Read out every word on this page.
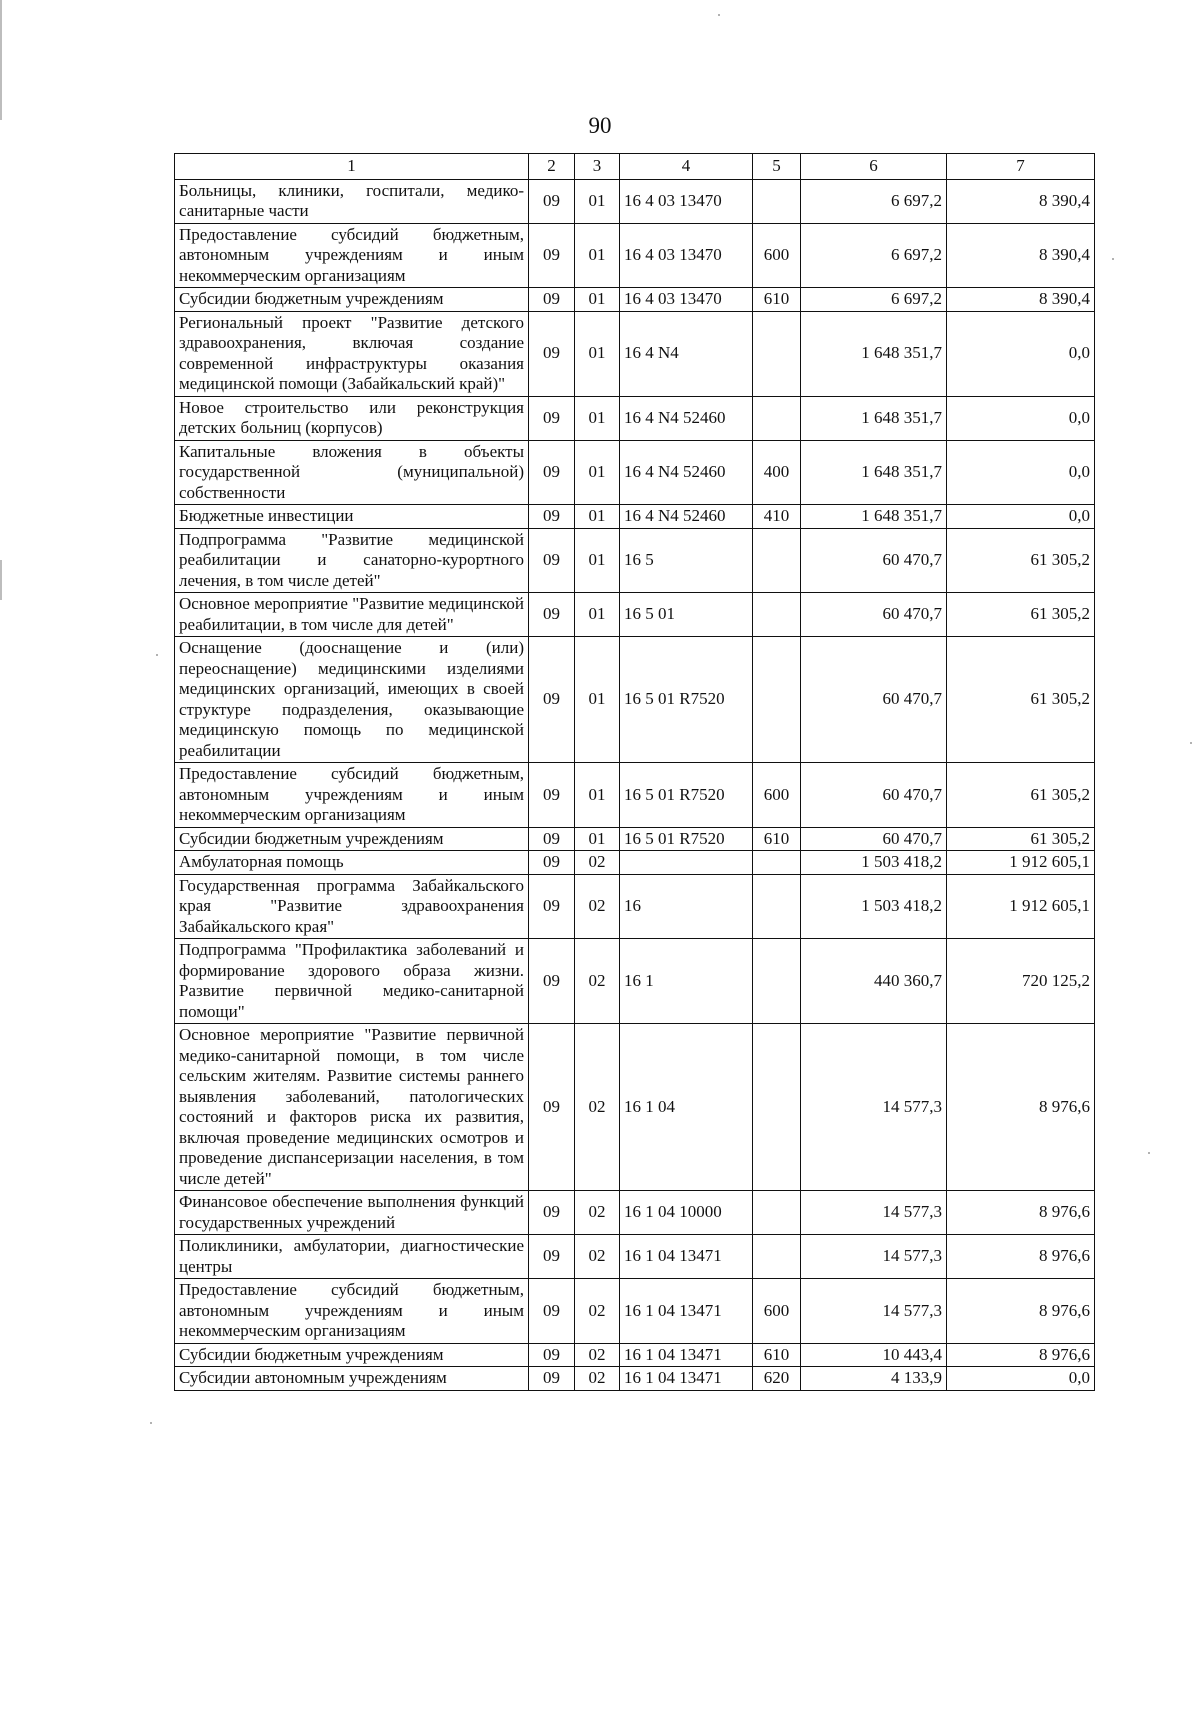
90
1	2	3	4	5	6	7
Больницы, клиники, госпитали, медико-санитарные части	09	01	16 4 03 13470		6 697,2	8 390,4
Предоставление субсидий бюджетным, автономным учреждениям и иным некоммерческим организациям	09	01	16 4 03 13470	600	6 697,2	8 390,4
Субсидии бюджетным учреждениям	09	01	16 4 03 13470	610	6 697,2	8 390,4
Региональный проект "Развитие детского здравоохранения, включая создание современной инфраструктуры оказания медицинской помощи (Забайкальский край)"	09	01	16 4 N4		1 648 351,7	0,0
Новое строительство или реконструкция детских больниц (корпусов)	09	01	16 4 N4 52460		1 648 351,7	0,0
Капитальные вложения в объекты государственной (муниципальной) собственности	09	01	16 4 N4 52460	400	1 648 351,7	0,0
Бюджетные инвестиции	09	01	16 4 N4 52460	410	1 648 351,7	0,0
Подпрограмма "Развитие медицинской реабилитации и санаторно-курортного лечения, в том числе детей"	09	01	16 5		60 470,7	61 305,2
Основное мероприятие "Развитие медицинской реабилитации, в том числе для детей"	09	01	16 5 01		60 470,7	61 305,2
Оснащение (дооснащение и (или) переоснащение) медицинскими изделиями медицинских организаций, имеющих в своей структуре подразделения, оказывающие медицинскую помощь по медицинской реабилитации	09	01	16 5 01 R7520		60 470,7	61 305,2
Предоставление субсидий бюджетным, автономным учреждениям и иным некоммерческим организациям	09	01	16 5 01 R7520	600	60 470,7	61 305,2
Субсидии бюджетным учреждениям	09	01	16 5 01 R7520	610	60 470,7	61 305,2
Амбулаторная помощь	09	02			1 503 418,2	1 912 605,1
Государственная программа Забайкальского края "Развитие здравоохранения Забайкальского края"	09	02	16		1 503 418,2	1 912 605,1
Подпрограмма "Профилактика заболеваний и формирование здорового образа жизни. Развитие первичной медико-санитарной помощи"	09	02	16 1		440 360,7	720 125,2
Основное мероприятие "Развитие первичной медико-санитарной помощи, в том числе сельским жителям. Развитие системы раннего выявления заболеваний, патологических состояний и факторов риска их развития, включая проведение медицинских осмотров и проведение диспансеризации населения, в том числе детей"	09	02	16 1 04		14 577,3	8 976,6
Финансовое обеспечение выполнения функций государственных учреждений	09	02	16 1 04 10000		14 577,3	8 976,6
Поликлиники, амбулатории, диагностические центры	09	02	16 1 04 13471		14 577,3	8 976,6
Предоставление субсидий бюджетным, автономным учреждениям и иным некоммерческим организациям	09	02	16 1 04 13471	600	14 577,3	8 976,6
Субсидии бюджетным учреждениям	09	02	16 1 04 13471	610	10 443,4	8 976,6
Субсидии автономным учреждениям	09	02	16 1 04 13471	620	4 133,9	0,0
